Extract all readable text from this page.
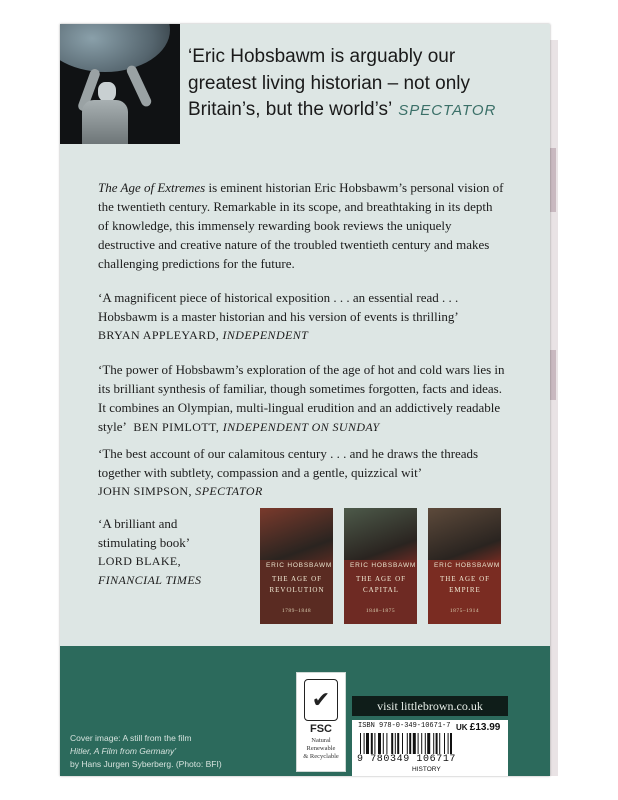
‘Eric Hobsbawm is arguably our
greatest living historian – not only
Britain’s, but the world’s’ SPECTATOR
The Age of Extremes is eminent historian Eric Hobsbawm’s personal vision of
the twentieth century. Remarkable in its scope, and breathtaking in its depth
of knowledge, this immensely rewarding book reviews the uniquely
destructive and creative nature of the troubled twentieth century and makes
challenging predictions for the future.
‘A magnificent piece of historical exposition . . . an essential read . . .
Hobsbawm is a master historian and his version of events is thrilling’
BRYAN APPLEYARD, INDEPENDENT
‘The power of Hobsbawm’s exploration of the age of hot and cold wars lies in
its brilliant synthesis of familiar, though sometimes forgotten, facts and ideas.
It combines an Olympian, multi-lingual erudition and an addictively readable
style’ BEN PIMLOTT, INDEPENDENT ON SUNDAY
‘The best account of our calamitous century . . . and he draws the threads
together with subtlety, compassion and a gentle, quizzical wit’
JOHN SIMPSON, SPECTATOR
‘A brilliant and
stimulating book’
LORD BLAKE,
FINANCIAL TIMES
ERIC HOBSBAWM
THE AGE OF
REVOLUTION
1789–1848
ERIC HOBSBAWM
THE AGE OF
CAPITAL
1848–1875
ERIC HOBSBAWM
THE AGE OF
EMPIRE
1875–1914
Cover image: A still from the film
Hitler, A Film from Germany’
by Hans Jurgen Syberberg. (Photo: BFI)
✔
FSC
Natural
Renewable
& Recyclable
visit littlebrown.co.uk
ISBN 978-0-349-10671-7 UK £13.99
9 780349 106717
HISTORY
